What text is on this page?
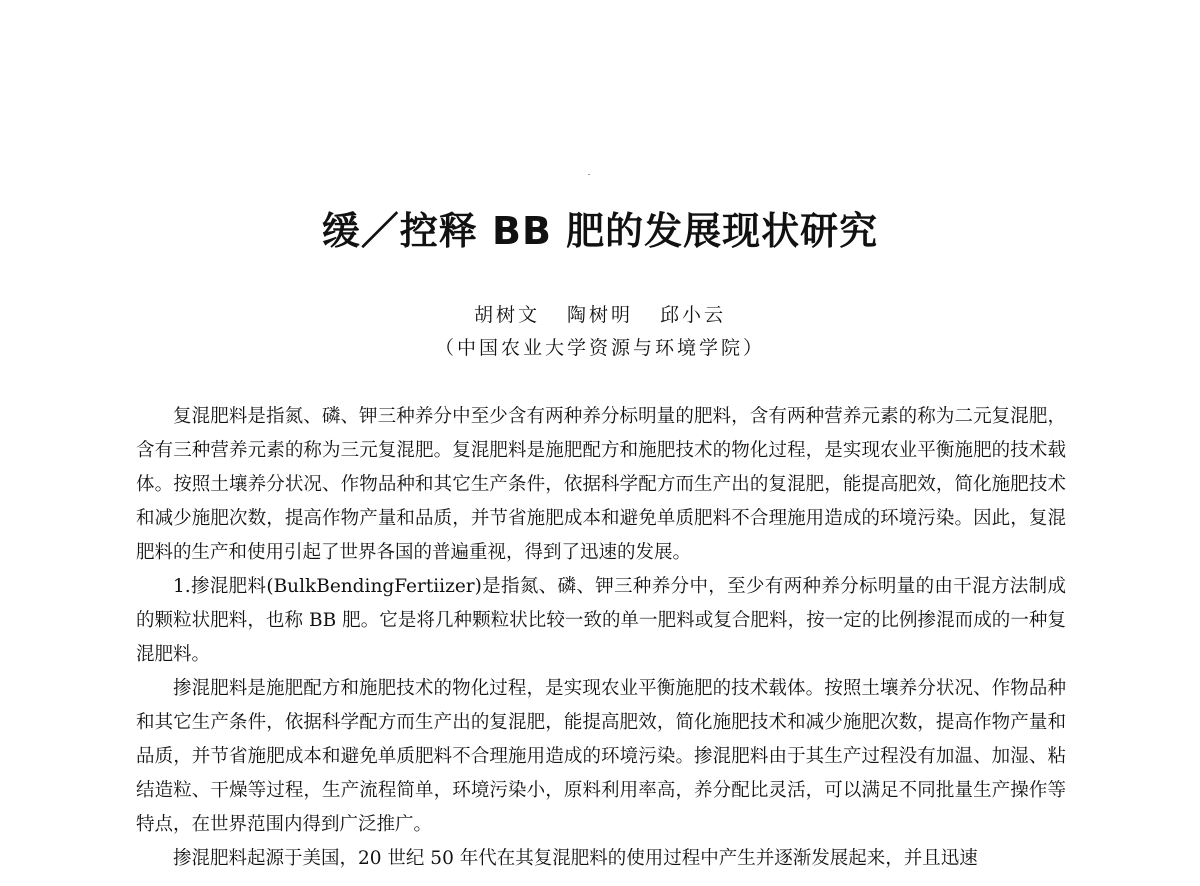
缓／控释 BB 肥的发展现状研究
胡树文 陶树明 邱小云
（中国农业大学资源与环境学院）

复混肥料是指氮、磷、钾三种养分中至少含有两种养分标明量的肥料，含有两种营养元素的称为二元复混肥，含有三种营养元素的称为三元复混肥。复混肥料是施肥配方和施肥技术的物化过程，是实现农业平衡施肥的技术载体。按照土壤养分状况、作物品种和其它生产条件，依据科学配方而生产出的复混肥，能提高肥效，简化施肥技术和减少施肥次数，提高作物产量和品质，并节省施肥成本和避免单质肥料不合理施用造成的环境污染。因此，复混肥料的生产和使用引起了世界各国的普遍重视，得到了迅速的发展。

1.掺混肥料(BulkBendingFertiizer)是指氮、磷、钾三种养分中，至少有两种养分标明量的由干混方法制成的颗粒状肥料，也称 BB 肥。它是将几种颗粒状比较一致的单一肥料或复合肥料，按一定的比例掺混而成的一种复混肥料。

掺混肥料是施肥配方和施肥技术的物化过程，是实现农业平衡施肥的技术载体。按照土壤养分状况、作物品种和其它生产条件，依据科学配方而生产出的复混肥，能提高肥效，简化施肥技术和减少施肥次数，提高作物产量和品质，并节省施肥成本和避免单质肥料不合理施用造成的环境污染。掺混肥料由于其生产过程没有加温、加湿、粘结造粒、干燥等过程，生产流程简单，环境污染小，原料利用率高，养分配比灵活，可以满足不同批量生产操作等特点，在世界范围内得到广泛推广。

掺混肥料起源于美国，20 世纪 50 年代在其复混肥料的使用过程中产生并逐渐发展起来，并且迅速
